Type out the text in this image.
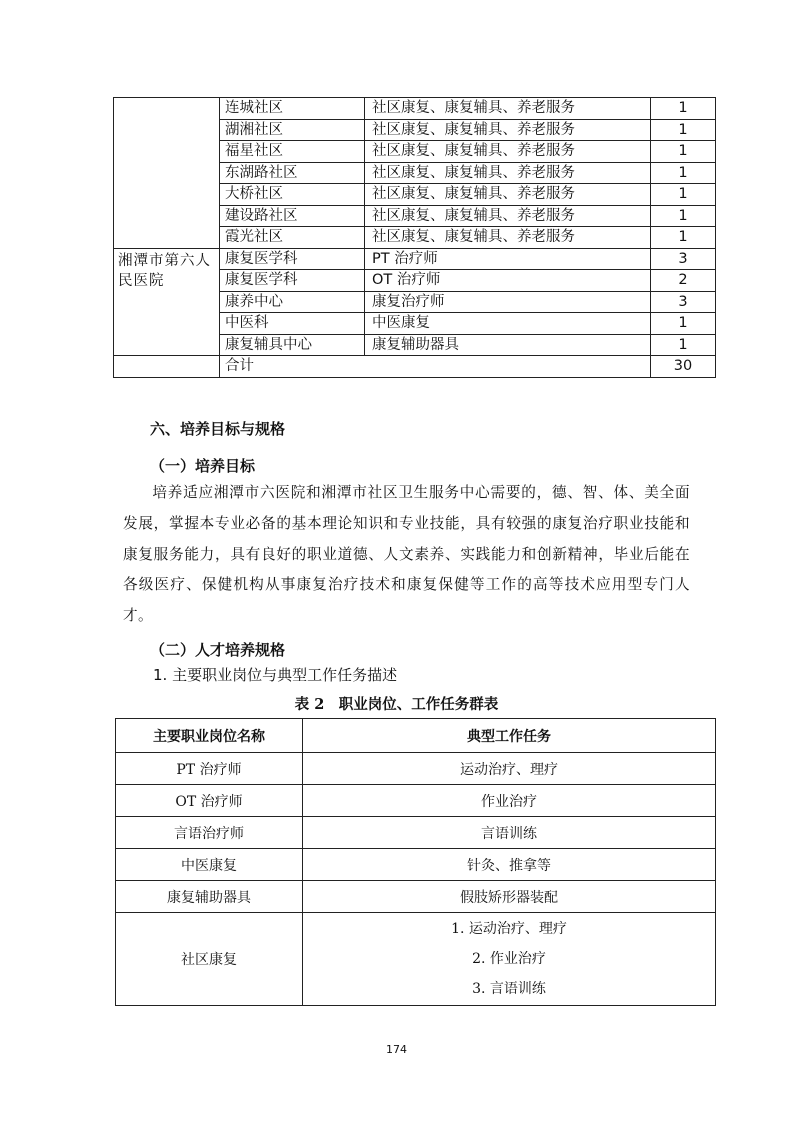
	连城社区	社区康复、康复辅具、养老服务	1
	湖湘社区	社区康复、康复辅具、养老服务	1
	福星社区	社区康复、康复辅具、养老服务	1
	东湖路社区	社区康复、康复辅具、养老服务	1
	大桥社区	社区康复、康复辅具、养老服务	1
	建设路社区	社区康复、康复辅具、养老服务	1
	霞光社区	社区康复、康复辅具、养老服务	1
湘潭市第六人民医院	康复医学科	PT 治疗师	3
	康复医学科	OT 治疗师	2
	康养中心	康复治疗师	3
	中医科	中医康复	1
	康复辅具中心	康复辅助器具	1
	合计		30
六、培养目标与规格
（一）培养目标
培养适应湘潭市六医院和湘潭市社区卫生服务中心需要的，德、智、体、美全面发展，掌握本专业必备的基本理论知识和专业技能，具有较强的康复治疗职业技能和康复服务能力，具有良好的职业道德、人文素养、实践能力和创新精神，毕业后能在各级医疗、保健机构从事康复治疗技术和康复保健等工作的高等技术应用型专门人才。
（二）人才培养规格
1. 主要职业岗位与典型工作任务描述
表 2　职业岗位、工作任务群表
主要职业岗位名称	典型工作任务
PT 治疗师	运动治疗、理疗
OT 治疗师	作业治疗
言语治疗师	言语训练
中医康复	针灸、推拿等
康复辅助器具	假肢矫形器装配
社区康复	1. 运动治疗、理疗
2. 作业治疗
3. 言语训练
174
